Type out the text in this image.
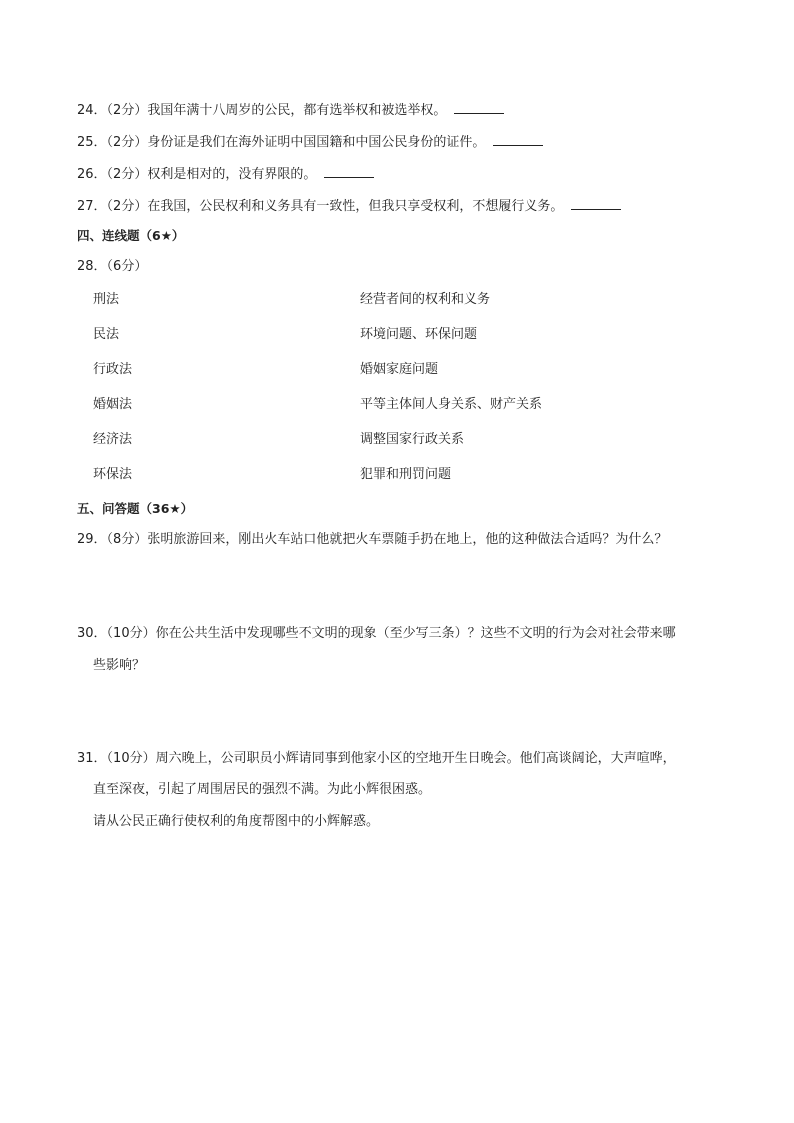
24．（2分）我国年满十八周岁的公民，都有选举权和被选举权。
25．（2分）身份证是我们在海外证明中国国籍和中国公民身份的证件。
26．（2分）权利是相对的，没有界限的。
27．（2分）在我国，公民权利和义务具有一致性，但我只享受权利，不想履行义务。
四、连线题（6★）
28．（6分）
刑法	经营者间的权利和义务
民法	环境问题、环保问题
行政法	婚姻家庭问题
婚姻法	平等主体间人身关系、财产关系
经济法	调整国家行政关系
环保法	犯罪和刑罚问题
五、问答题（36★）
29．（8分）张明旅游回来，刚出火车站口他就把火车票随手扔在地上，他的这种做法合适吗？为什么？
30．（10分）你在公共生活中发现哪些不文明的现象（至少写三条）？这些不文明的行为会对社会带来哪
些影响？
31．（10分）周六晚上，公司职员小辉请同事到他家小区的空地开生日晚会。他们高谈阔论，大声喧哗，
直至深夜，引起了周围居民的强烈不满。为此小辉很困惑。
请从公民正确行使权利的角度帮图中的小辉解惑。
